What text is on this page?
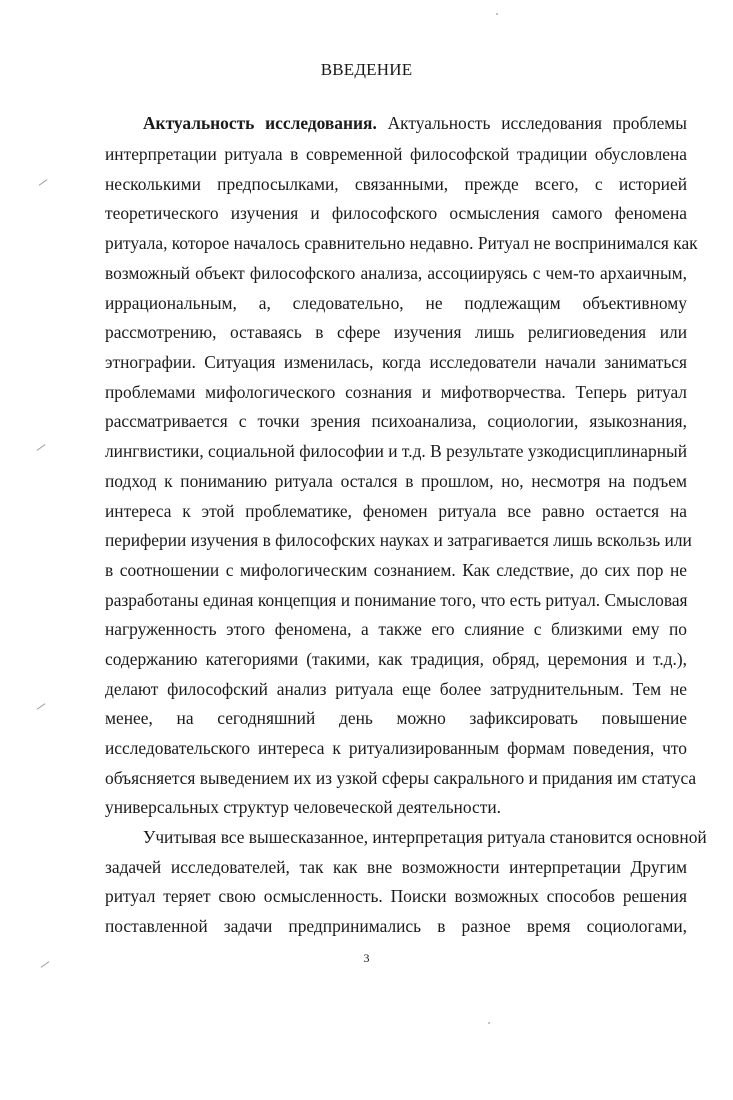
ВВЕДЕНИЕ
Актуальность исследования. Актуальность исследования проблемы
интерпретации ритуала в современной философской традиции обусловлена
несколькими предпосылками, связанными, прежде всего, с историей
теоретического изучения и философского осмысления самого феномена
ритуала, которое началось сравнительно недавно. Ритуал не воспринимался как
возможный объект философского анализа, ассоциируясь с чем-то архаичным,
иррациональным, а, следовательно, не подлежащим объективному
рассмотрению, оставаясь в сфере изучения лишь религиоведения или
этнографии. Ситуация изменилась, когда исследователи начали заниматься
проблемами мифологического сознания и мифотворчества. Теперь ритуал
рассматривается с точки зрения психоанализа, социологии, языкознания,
лингвистики, социальной философии и т.д. В результате узкодисциплинарный
подход к пониманию ритуала остался в прошлом, но, несмотря на подъем
интереса к этой проблематике, феномен ритуала все равно остается на
периферии изучения в философских науках и затрагивается лишь вскользь или
в соотношении с мифологическим сознанием. Как следствие, до сих пор не
разработаны единая концепция и понимание того, что есть ритуал. Смысловая
нагруженность этого феномена, а также его слияние с близкими ему по
содержанию категориями (такими, как традиция, обряд, церемония и т.д.),
делают философский анализ ритуала еще более затруднительным. Тем не
менее, на сегодняшний день можно зафиксировать повышение
исследовательского интереса к ритуализированным формам поведения, что
объясняется выведением их из узкой сферы сакрального и придания им статуса
универсальных структур человеческой деятельности.
Учитывая все вышесказанное, интерпретация ритуала становится основной
задачей исследователей, так как вне возможности интерпретации Другим
ритуал теряет свою осмысленность. Поиски возможных способов решения
поставленной задачи предпринимались в разное время социологами,
3
